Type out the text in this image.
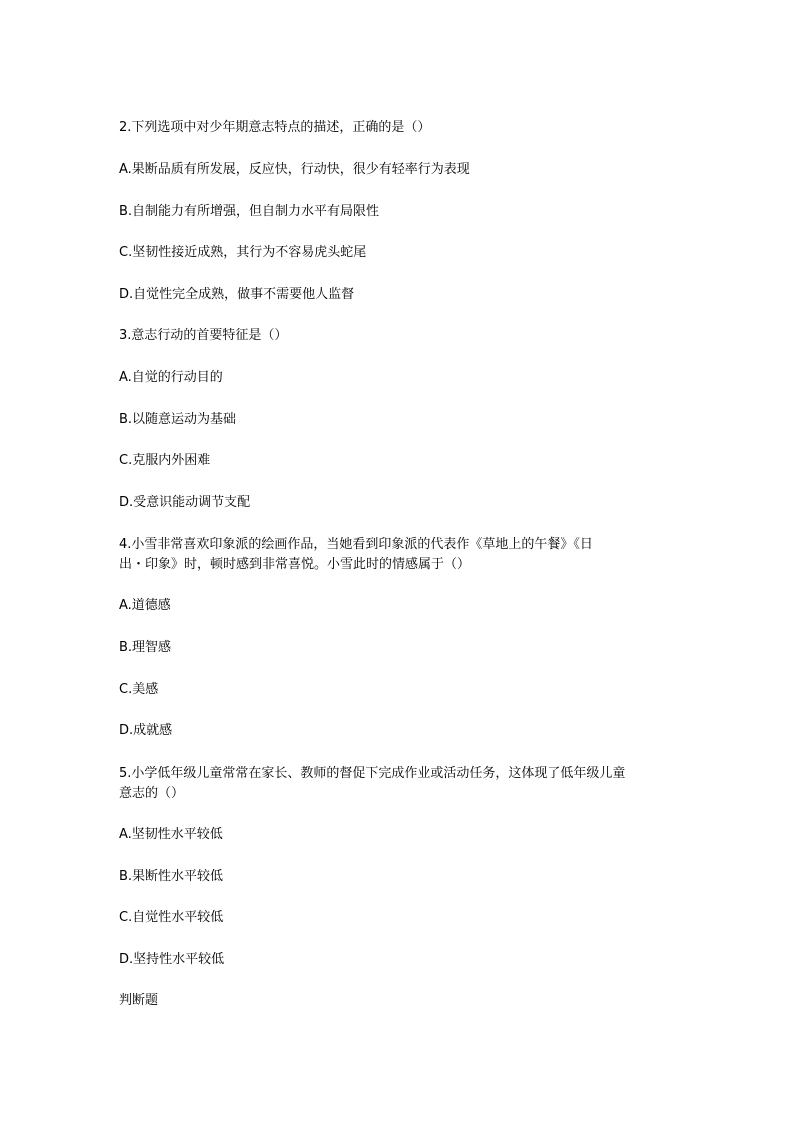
2.下列选项中对少年期意志特点的描述，正确的是（）
A.果断品质有所发展，反应快，行动快，很少有轻率行为表现
B.自制能力有所增强，但自制力水平有局限性
C.坚韧性接近成熟，其行为不容易虎头蛇尾
D.自觉性完全成熟，做事不需要他人监督
3.意志行动的首要特征是（）
A.自觉的行动目的
B.以随意运动为基础
C.克服内外困难
D.受意识能动调节支配
4.小雪非常喜欢印象派的绘画作品，当她看到印象派的代表作《草地上的午餐》《日
出・印象》时，顿时感到非常喜悦。小雪此时的情感属于（）
A.道德感
B.理智感
C.美感
D.成就感
5.小学低年级儿童常常在家长、教师的督促下完成作业或活动任务，这体现了低年级儿童
意志的（）
A.坚韧性水平较低
B.果断性水平较低
C.自觉性水平较低
D.坚持性水平较低
判断题
